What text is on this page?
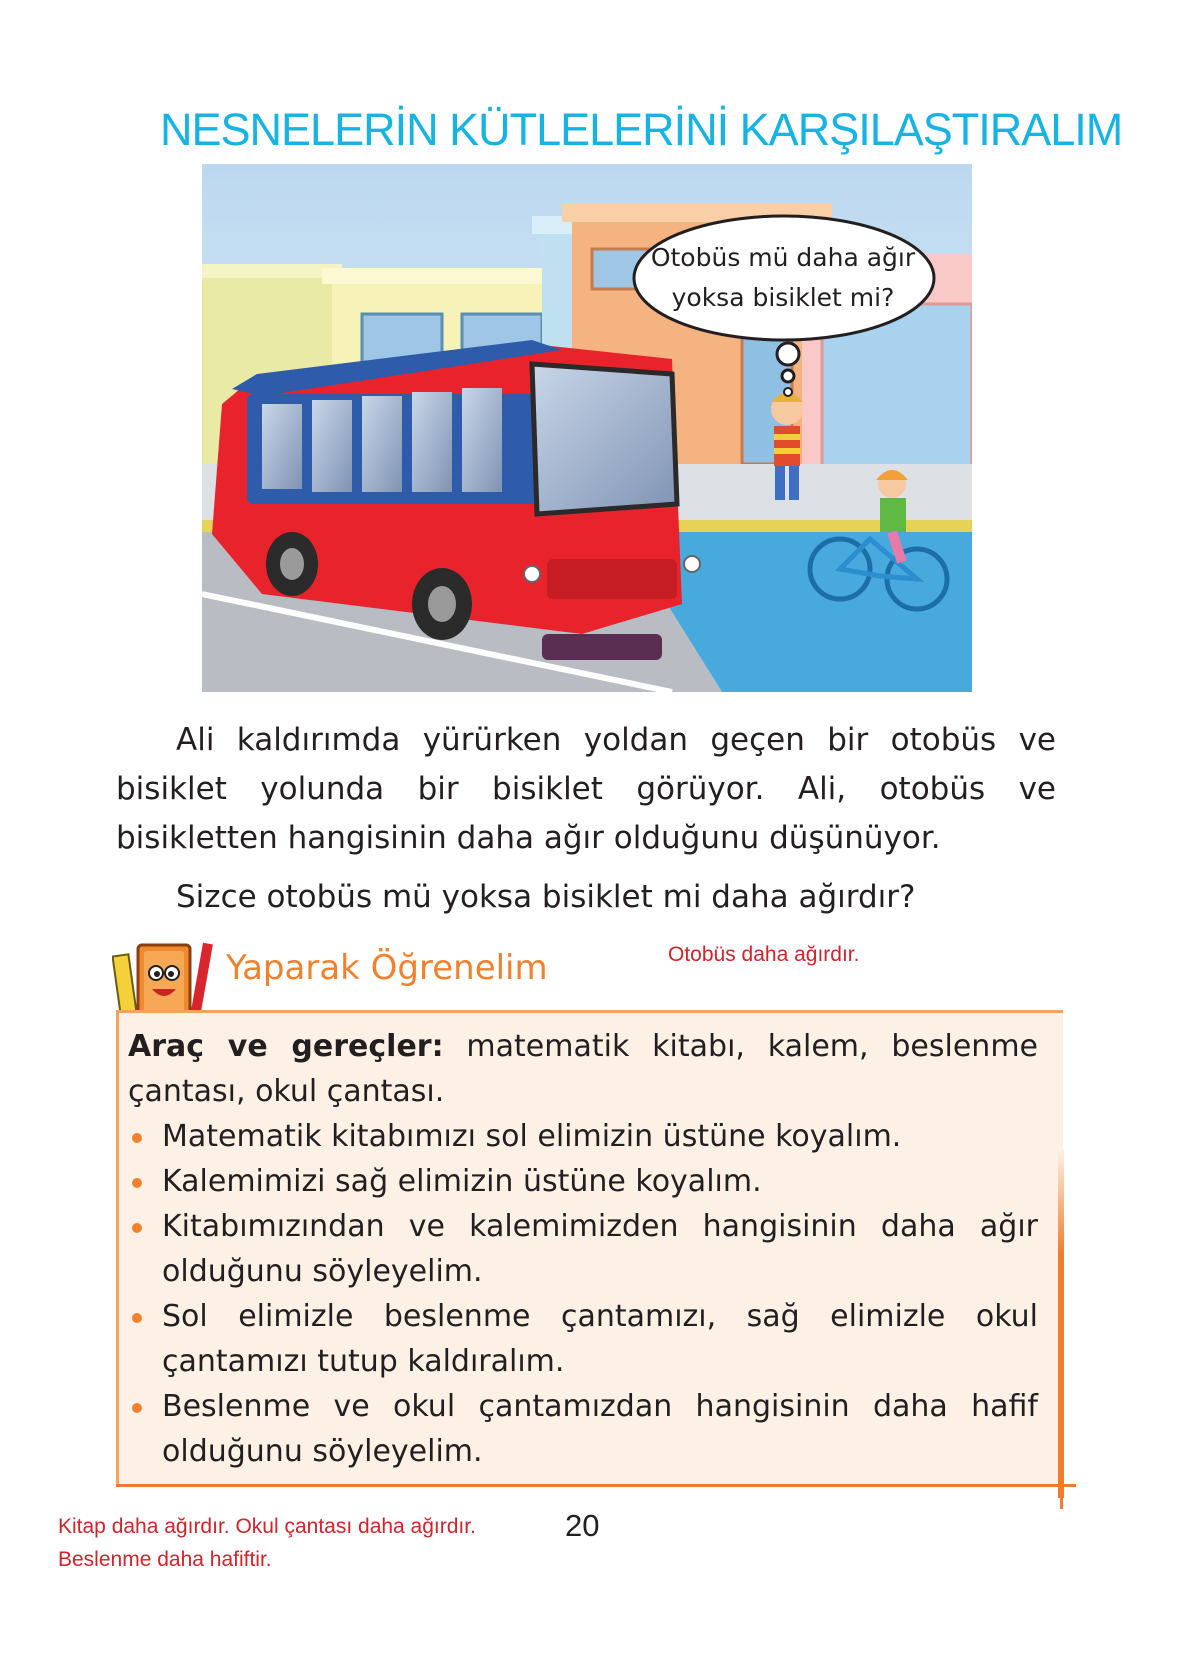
NESNELERİN KÜTLELERİNİ KARŞILAŞTIRALIM
Otobüs mü daha ağır yoksa bisiklet mi?

Ali kaldırımda yürürken yoldan geçen bir otobüs ve bisiklet yolunda bir bisiklet görüyor. Ali, otobüs ve bisikletten hangisinin daha ağır olduğunu düşünüyor.

Sizce otobüs mü yoksa bisiklet mi daha ağırdır?

Otobüs daha ağırdır.
Yaparak Öğrenelim

Araç ve gereçler: matematik kitabı, kalem, beslenme çantası, okul çantası.

Matematik kitabımızı sol elimizin üstüne koyalım.
Kalemimizi sağ elimizin üstüne koyalım.
Kitabımızından ve kalemimizden hangisinin daha ağır olduğunu söyleyelim.
Sol elimizle beslenme çantamızı, sağ elimizle okul çantamızı tutup kaldıralım.
Beslenme ve okul çantamızdan hangisinin daha hafif olduğunu söyleyelim.
Kitap daha ağırdır. Okul çantası daha ağırdır.
Beslenme daha hafiftir.
20
